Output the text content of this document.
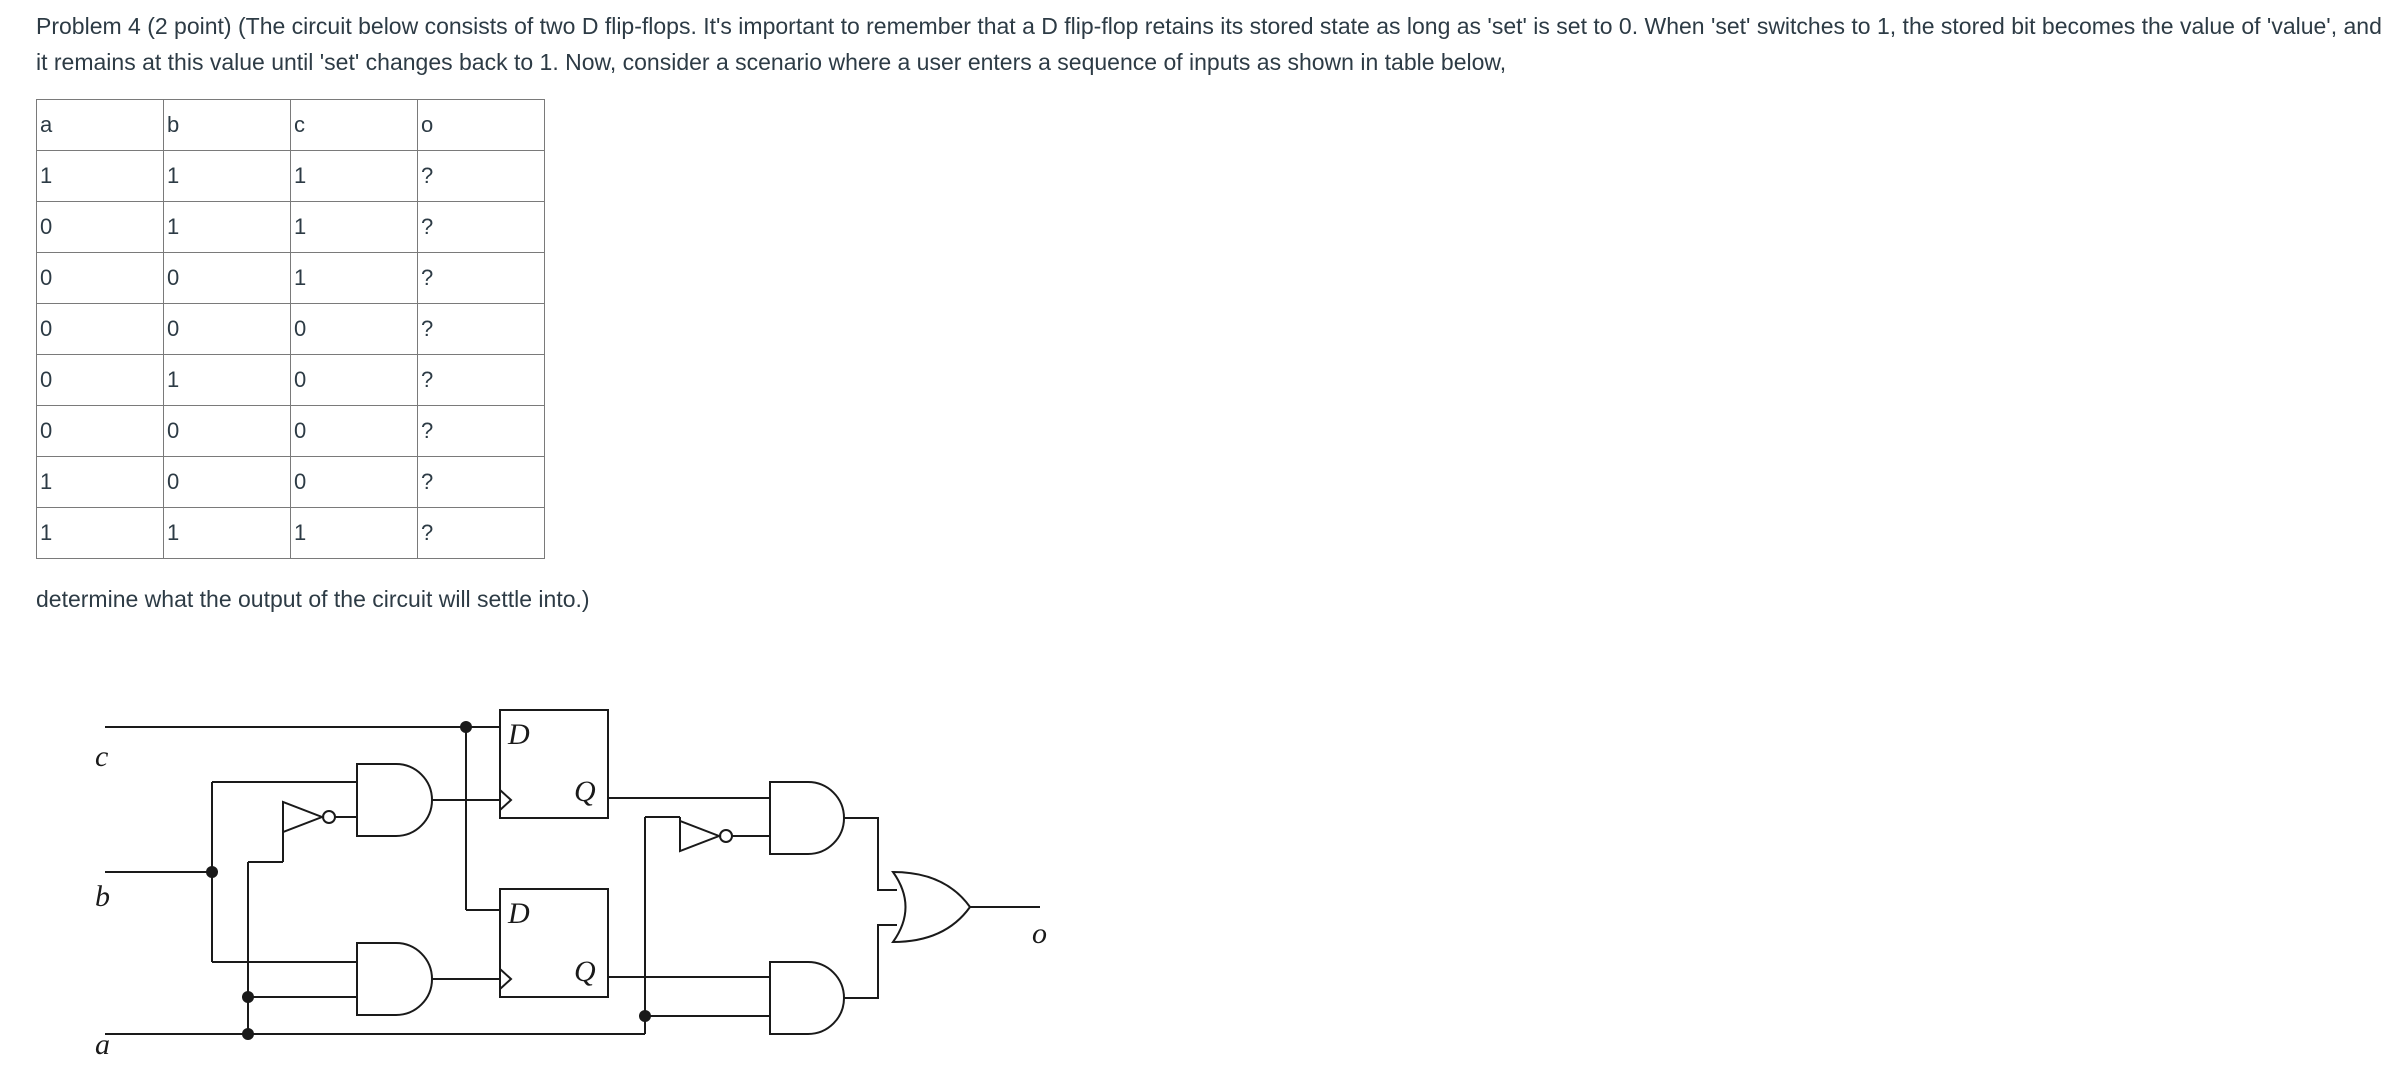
Problem 4 (2 point) (The circuit below consists of two D flip-flops. It's important to remember that a D flip-flop retains its stored state as long as 'set' is set to 0. When 'set' switches to 1, the stored bit becomes the value of 'value', and it remains at this value until 'set' changes back to 1. Now, consider a scenario where a user enters a sequence of inputs as shown in table below,

a	b	c	o
1	1	1	?
0	1	1	?
0	0	1	?
0	0	0	?
0	1	0	?
0	0	0	?
1	0	0	?
1	1	1	?
determine what the output of the circuit will settle into.)
c
b
a
o
D
Q
D
Q
